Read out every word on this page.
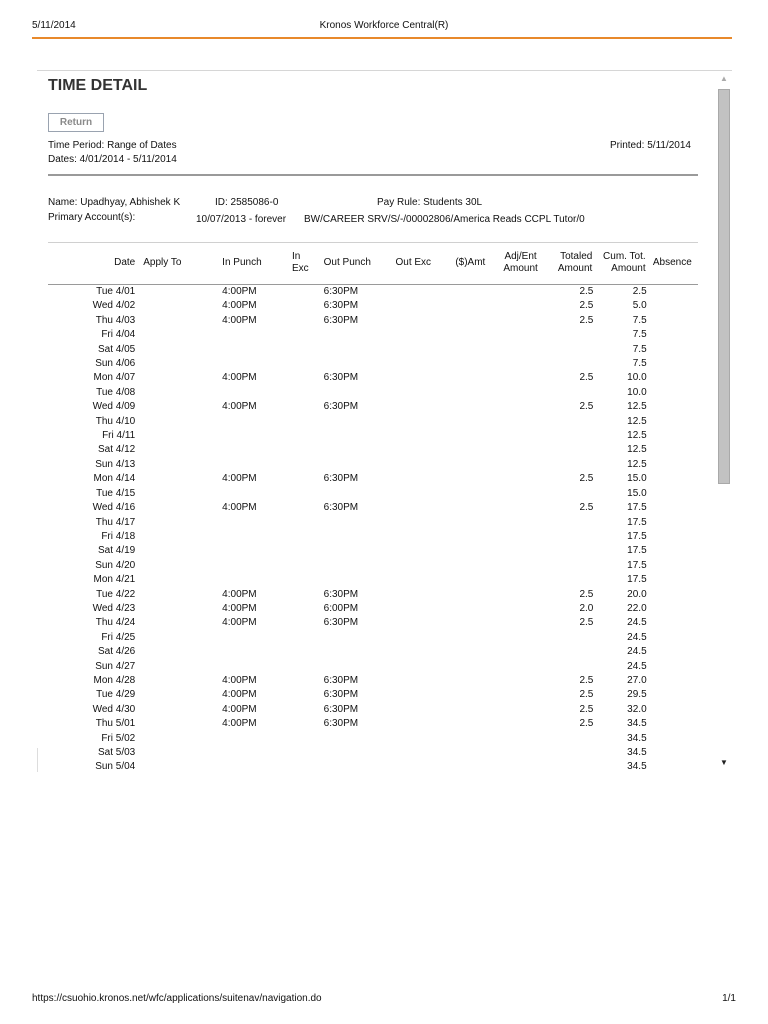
5/11/2014	Kronos Workforce Central(R)
TIME DETAIL
Return
Time Period: Range of Dates
Dates: 4/01/2014 - 5/11/2014
Printed: 5/11/2014
Name: Upadhyay, Abhishek K	ID: 2585086-0	Pay Rule: Students 30L
Primary Account(s):	10/07/2013 - forever BW/CAREER SRV/S/-/00002806/America Reads CCPL Tutor/0
Date	Apply To	In Punch	In Exc	Out Punch	Out Exc	($)Amt	Adj/Ent Amount	Totaled Amount	Cum. Tot. Amount	Absence
Tue 4/01		4:00PM		6:30PM				2.5	2.5	
Wed 4/02		4:00PM		6:30PM				2.5	5.0	
Thu 4/03		4:00PM		6:30PM				2.5	7.5	
Fri 4/04									7.5	
Sat 4/05									7.5	
Sun 4/06									7.5	
Mon 4/07		4:00PM		6:30PM				2.5	10.0	
Tue 4/08									10.0	
Wed 4/09		4:00PM		6:30PM				2.5	12.5	
Thu 4/10									12.5	
Fri 4/11									12.5	
Sat 4/12									12.5	
Sun 4/13									12.5	
Mon 4/14		4:00PM		6:30PM				2.5	15.0	
Tue 4/15									15.0	
Wed 4/16		4:00PM		6:30PM				2.5	17.5	
Thu 4/17									17.5	
Fri 4/18									17.5	
Sat 4/19									17.5	
Sun 4/20									17.5	
Mon 4/21									17.5	
Tue 4/22		4:00PM		6:30PM				2.5	20.0	
Wed 4/23		4:00PM		6:00PM				2.0	22.0	
Thu 4/24		4:00PM		6:30PM				2.5	24.5	
Fri 4/25									24.5	
Sat 4/26									24.5	
Sun 4/27									24.5	
Mon 4/28		4:00PM		6:30PM				2.5	27.0	
Tue 4/29		4:00PM		6:30PM				2.5	29.5	
Wed 4/30		4:00PM		6:30PM				2.5	32.0	
Thu 5/01		4:00PM		6:30PM				2.5	34.5	
Fri 5/02									34.5	
Sat 5/03									34.5	
Sun 5/04									34.5	
▲
▼
https://csuohio.kronos.net/wfc/applications/suitenav/navigation.do	1/1
